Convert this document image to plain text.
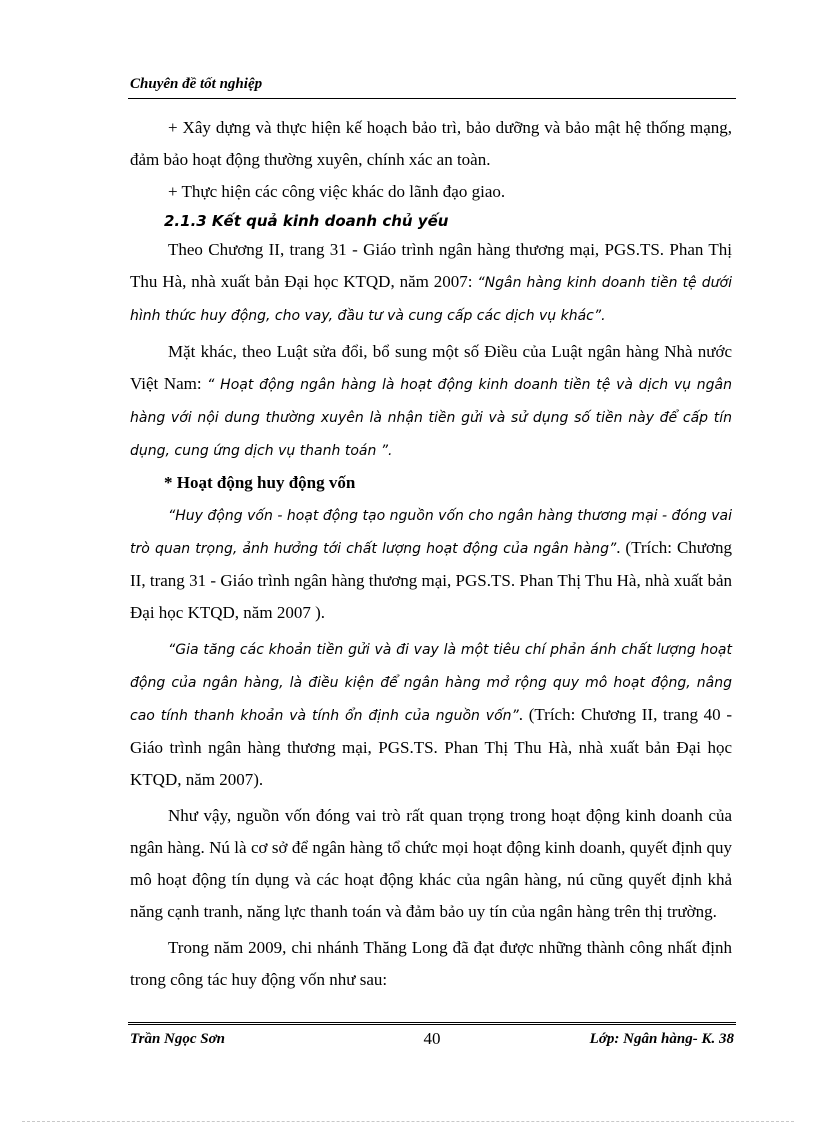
Chuyên đề tốt nghiệp

+ Xây dựng và thực hiện kế hoạch bảo trì, bảo dưỡng và bảo mật hệ thống mạng, đảm bảo hoạt động thường xuyên, chính xác an toàn.

+ Thực hiện các công việc khác do lãnh đạo giao.

2.1.3 Kết quả kinh doanh chủ yếu

Theo Chương II, trang 31 - Giáo trình ngân hàng thương mại, PGS.TS. Phan Thị Thu Hà, nhà xuất bản Đại học KTQD, năm 2007: “Ngân hàng kinh doanh tiền tệ dưới hình thức huy động, cho vay, đầu tư và cung cấp các dịch vụ khác”.

Mặt khác, theo Luật sửa đổi, bổ sung một số Điều của Luật ngân hàng Nhà nước Việt Nam: “ Hoạt động ngân hàng là hoạt động kinh doanh tiền tệ và dịch vụ ngân hàng với nội dung thường xuyên là nhận tiền gửi và sử dụng số tiền này để cấp tín dụng, cung ứng dịch vụ thanh toán ”.

* Hoạt động huy động vốn

“Huy động vốn - hoạt động tạo nguồn vốn cho ngân hàng thương mại - đóng vai trò quan trọng, ảnh hưởng tới chất lượng hoạt động của ngân hàng”. (Trích: Chương II, trang 31 - Giáo trình ngân hàng thương mại, PGS.TS. Phan Thị Thu Hà, nhà xuất bản Đại học KTQD, năm 2007 ).

“Gia tăng các khoản tiền gửi và đi vay là một tiêu chí phản ánh chất lượng hoạt động của ngân hàng, là điều kiện để ngân hàng mở rộng quy mô hoạt động, nâng cao tính thanh khoản và tính ổn định của nguồn vốn”. (Trích: Chương II, trang 40 - Giáo trình ngân hàng thương mại, PGS.TS. Phan Thị Thu Hà, nhà xuất bản Đại học KTQD, năm 2007).

Như vậy, nguồn vốn đóng vai trò rất quan trọng trong hoạt động kinh doanh của ngân hàng. Nú là cơ sở để ngân hàng tổ chức mọi hoạt động kinh doanh, quyết định quy mô hoạt động tín dụng và các hoạt động khác của ngân hàng, nú cũng quyết định khả năng cạnh tranh, năng lực thanh toán và đảm bảo uy tín của ngân hàng trên thị trường.

Trong năm 2009, chi nhánh Thăng Long đã đạt được những thành công nhất định trong công tác huy động vốn như sau:

Trần Ngọc Sơn	40	Lớp: Ngân hàng- K. 38
